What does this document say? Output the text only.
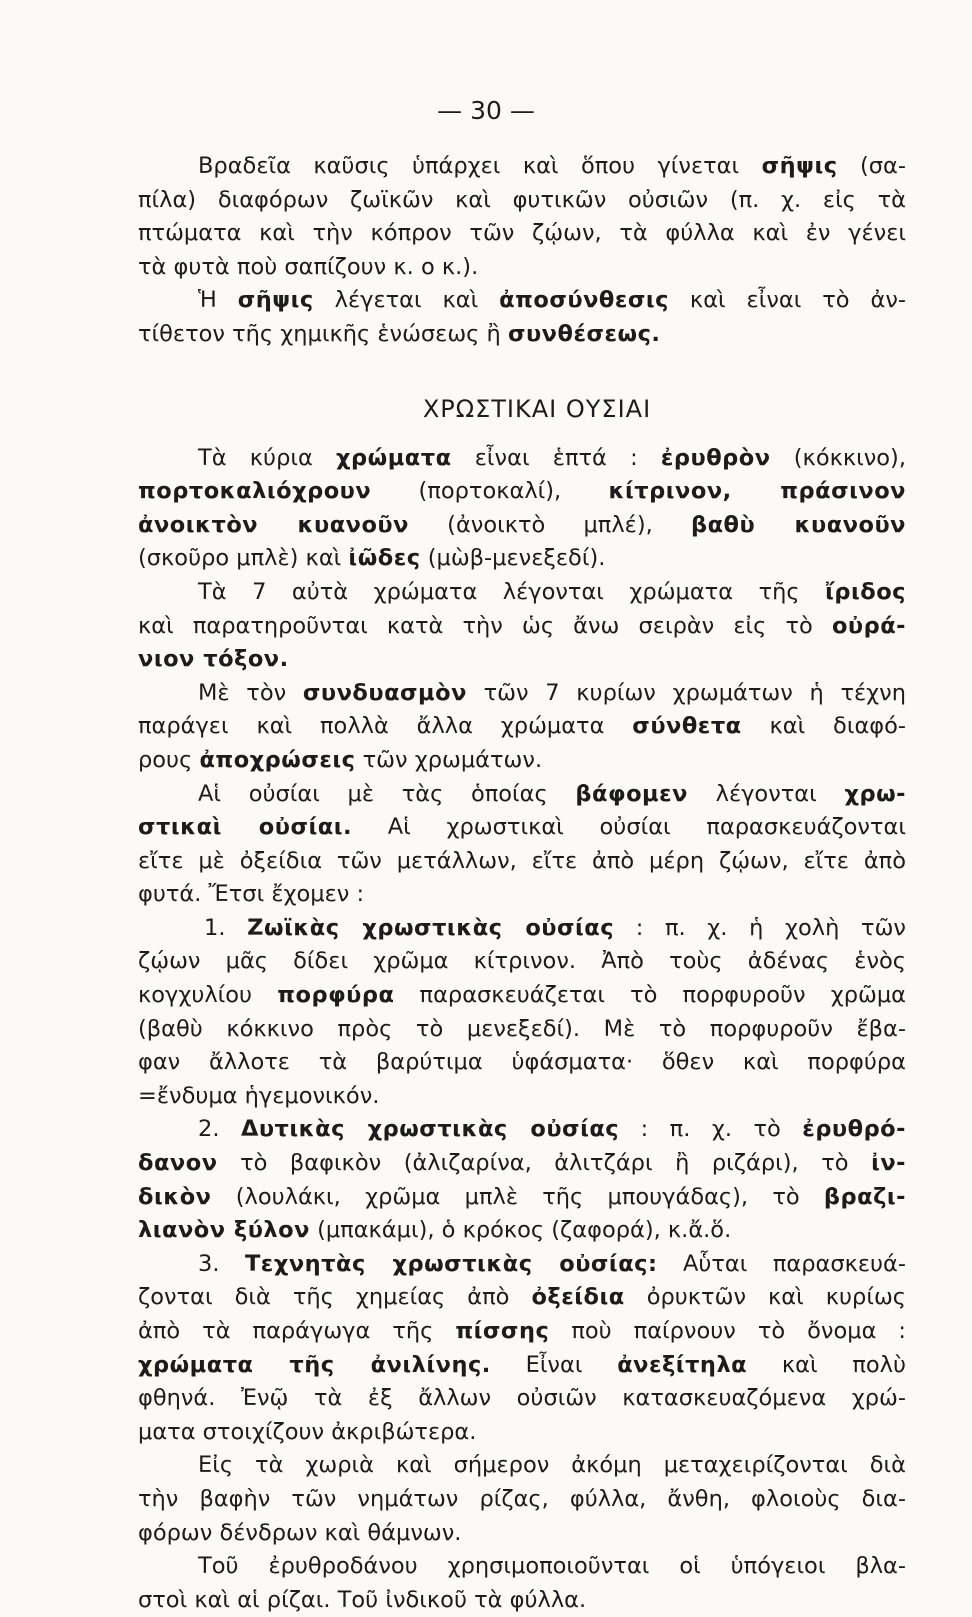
— 30 —
Βραδεῖα καῦσις ὑπάρχει καὶ ὅπου γίνεται σῆψις (σα-
πίλα) διαφόρων ζωϊκῶν καὶ φυτικῶν οὐσιῶν (π. χ. εἰς τὰ
πτώματα καὶ τὴν κόπρον τῶν ζῴων, τὰ φύλλα καὶ ἐν γένει
τὰ φυτὰ ποὺ σαπίζουν κ. ο κ.).
Ἡ σῆψις λέγεται καὶ ἀποσύνθεσις καὶ εἶναι τὸ ἀν-
τίθετον τῆς χημικῆς ἑνώσεως ἢ συνθέσεως.
ΧΡΩΣΤΙΚΑΙ ΟΥΣΙΑΙ
Τὰ κύρια χρώματα εἶναι ἑπτά : ἐρυθρὸν (κόκκινο),
πορτοκαλιόχρουν (πορτοκαλί), κίτρινον, πράσινον
ἀνοικτὸν κυανοῦν (ἀνοικτὸ μπλέ), βαθὺ κυανοῦν
(σκοῦρο μπλὲ) καὶ ἰῶδες (μὼβ-μενεξεδί).
Τὰ 7 αὐτὰ χρώματα λέγονται χρώματα τῆς ἴριδος
καὶ παρατηροῦνται κατὰ τὴν ὡς ἄνω σειρὰν εἰς τὸ οὐρά-
νιον τόξον.
Μὲ τὸν συνδυασμὸν τῶν 7 κυρίων χρωμάτων ἡ τέχνη
παράγει καὶ πολλὰ ἄλλα χρώματα σύνθετα καὶ διαφό-
ρους ἀποχρώσεις τῶν χρωμάτων.
Αἱ οὐσίαι μὲ τὰς ὁποίας βάφομεν λέγονται χρω-
στικαὶ οὐσίαι. Αἱ χρωστικαὶ οὐσίαι παρασκευάζονται
εἴτε μὲ ὀξείδια τῶν μετάλλων, εἴτε ἀπὸ μέρη ζῴων, εἴτε ἀπὸ
φυτά. Ἔτσι ἔχομεν :
1. Ζωϊκὰς χρωστικὰς οὐσίας : π. χ. ἡ χολὴ τῶν
ζῴων μᾶς δίδει χρῶμα κίτρινον. Ἀπὸ τοὺς ἀδένας ἑνὸς
κογχυλίου πορφύρα παρασκευάζεται τὸ πορφυροῦν χρῶμα
(βαθὺ κόκκινο πρὸς τὸ μενεξεδί). Μὲ τὸ πορφυροῦν ἔβα-
φαν ἄλλοτε τὰ βαρύτιμα ὑφάσματα· ὅθεν καὶ πορφύρα
=ἔνδυμα ἡγεμονικόν.
2. Δυτικὰς χρωστικὰς οὐσίας : π. χ. τὸ ἐρυθρό-
δανον τὸ βαφικὸν (ἀλιζαρίνα, ἀλιτζάρι ἢ ριζάρι), τὸ ἰν-
δικὸν (λουλάκι, χρῶμα μπλὲ τῆς μπουγάδας), τὸ βραζι-
λιανὸν ξύλον (μπακάμι), ὁ κρόκος (ζαφορά), κ.ἄ.ὅ.
3. Τεχνητὰς χρωστικὰς οὐσίας: Αὗται παρασκευά-
ζονται διὰ τῆς χημείας ἀπὸ ὀξείδια ὀρυκτῶν καὶ κυρίως
ἀπὸ τὰ παράγωγα τῆς πίσσης ποὺ παίρνουν τὸ ὄνομα :
χρώματα τῆς ἀνιλίνης. Εἶναι ἀνεξίτηλα καὶ πολὺ
φθηνά. Ἐνῷ τὰ ἐξ ἄλλων οὐσιῶν κατασκευαζόμενα χρώ-
ματα στοιχίζουν ἀκριβώτερα.
Εἰς τὰ χωριὰ καὶ σήμερον ἀκόμη μεταχειρίζονται διὰ
τὴν βαφὴν τῶν νημάτων ρίζας, φύλλα, ἄνθη, φλοιοὺς δια-
φόρων δένδρων καὶ θάμνων.
Τοῦ ἐρυθροδάνου χρησιμοποιοῦνται οἱ ὑπόγειοι βλα-
στοὶ καὶ αἱ ρίζαι. Τοῦ ἰνδικοῦ τὰ φύλλα.
